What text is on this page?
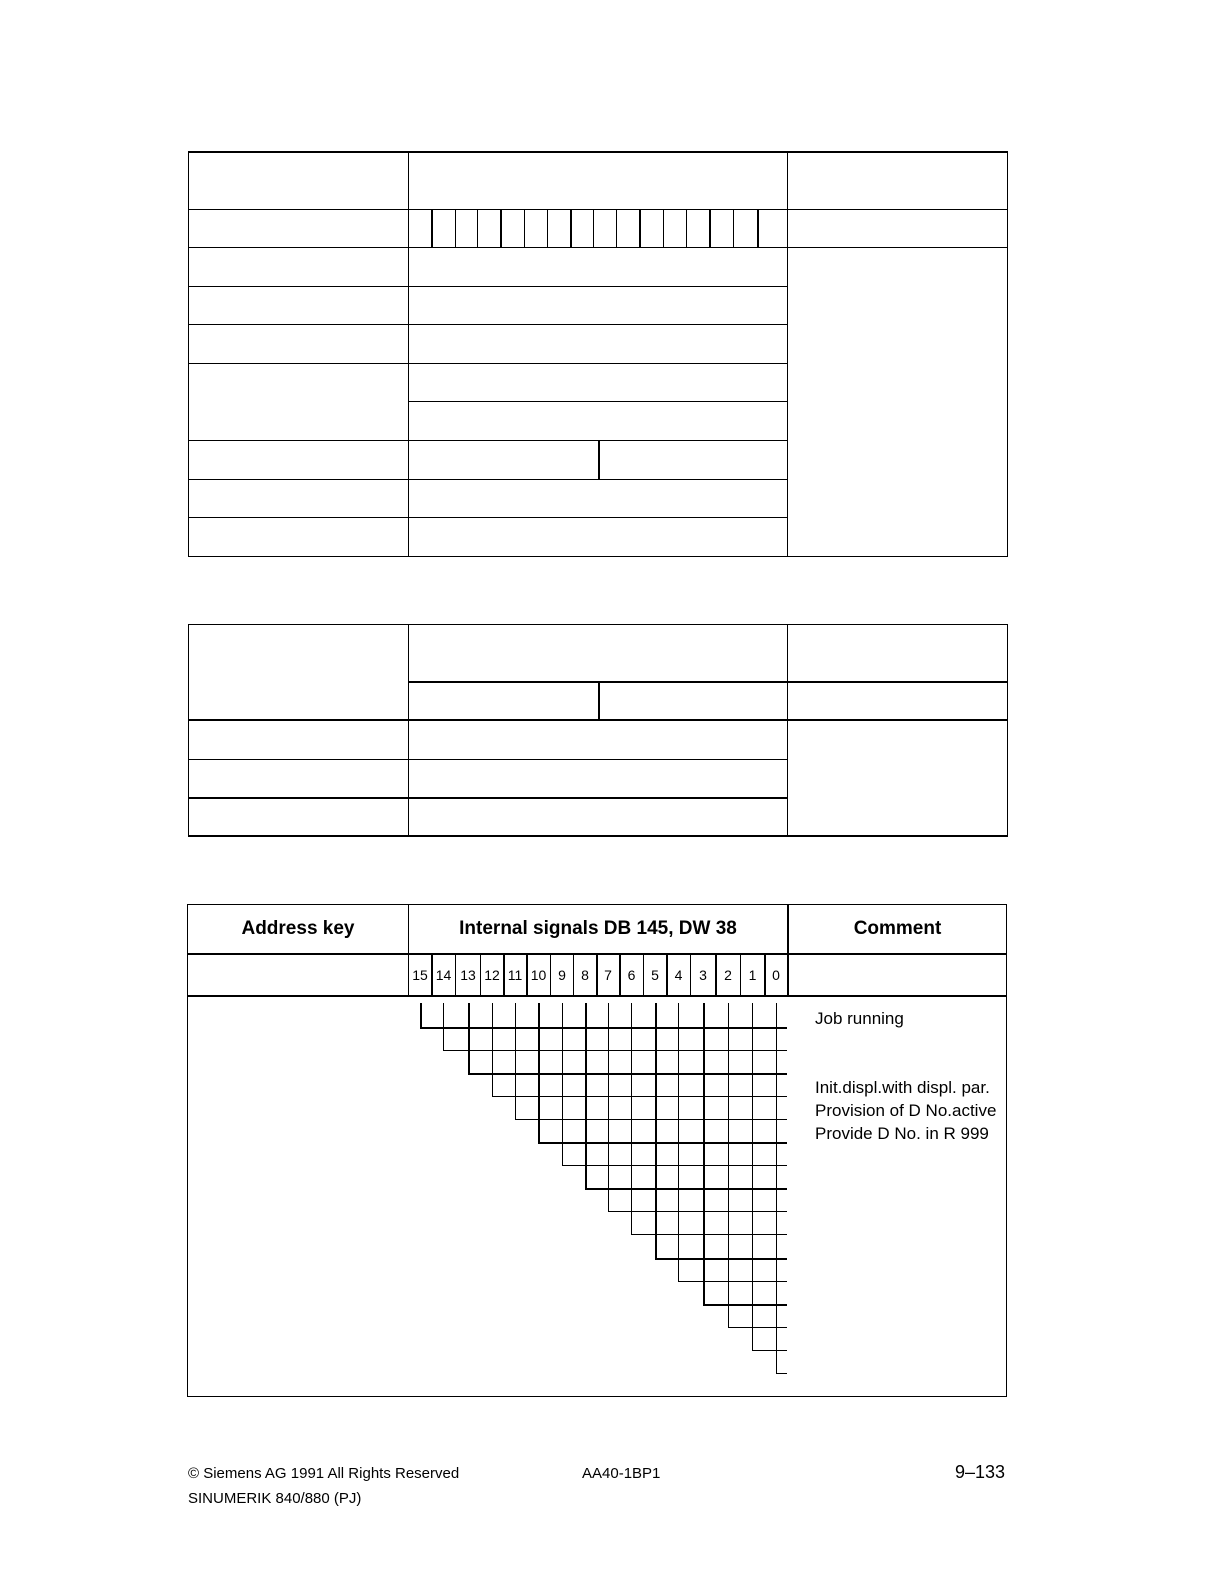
Address key	Internal signals DB 145, DW 38	Comment
15 14 13 12 11 10 9	8	7	6	5	4	3	2	1	0
Job running
Init.displ.with displ. par.
Provision of D No.active
Provide D No. in R 999
© Siemens AG 1991 All Rights Reserved	AA40-1BP1	9–133
SINUMERIK 840/880 (PJ)
